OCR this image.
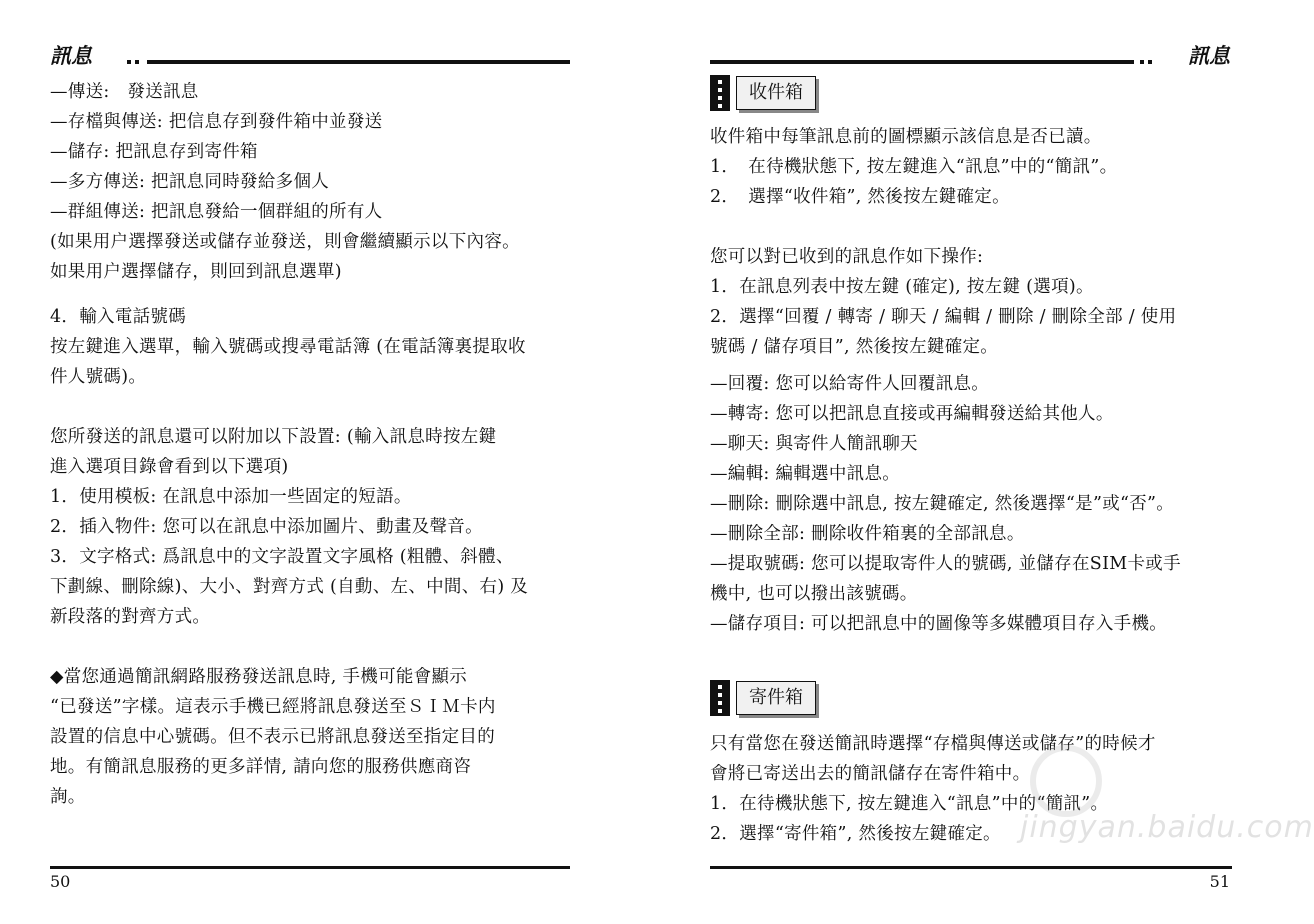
訊息
—傳送:　發送訊息
—存檔與傳送: 把信息存到發件箱中並發送
—儲存: 把訊息存到寄件箱
—多方傳送: 把訊息同時發給多個人
—群組傳送: 把訊息發給一個群組的所有人
(如果用户選擇發送或儲存並發送，則會繼續顯示以下內容。
如果用户選擇儲存，則回到訊息選單)
4．輸入電話號碼
按左鍵進入選單，輸入號碼或搜尋電話簿 (在電話簿裏提取收
件人號碼)。
您所發送的訊息還可以附加以下設置: (輸入訊息時按左鍵
進入選項目錄會看到以下選項)
1．使用模板: 在訊息中添加一些固定的短語。
2．插入物件: 您可以在訊息中添加圖片、動畫及聲音。
3．文字格式: 爲訊息中的文字設置文字風格 (粗體、斜體、
下劃線、刪除線)、大小、對齊方式 (自動、左、中間、右) 及
新段落的對齊方式。
◆當您通過簡訊網路服務發送訊息時, 手機可能會顯示
“已發送”字樣。這表示手機已經將訊息發送至ＳＩＭ卡内
設置的信息中心號碼。但不表示已將訊息發送至指定目的
地。有簡訊息服務的更多詳情, 請向您的服務供應商咨
詢。
50
訊息
收件箱
收件箱中每筆訊息前的圖標顯示該信息是否已讀。
1．　在待機狀態下, 按左鍵進入“訊息”中的“簡訊”。
2．　選擇“收件箱”, 然後按左鍵確定。
您可以對已收到的訊息作如下操作:
1．在訊息列表中按左鍵 (確定), 按左鍵 (選項)。
2．選擇“回覆 / 轉寄 / 聊天 / 編輯 / 刪除 / 刪除全部 / 使用
號碼 / 儲存項目”, 然後按左鍵確定。
—回覆: 您可以給寄件人回覆訊息。
—轉寄: 您可以把訊息直接或再編輯發送給其他人。
—聊天: 與寄件人簡訊聊天
—編輯: 編輯選中訊息。
—刪除: 刪除選中訊息, 按左鍵確定, 然後選擇“是”或“否”。
—刪除全部: 刪除收件箱裏的全部訊息。
—提取號碼: 您可以提取寄件人的號碼, 並儲存在SIM卡或手
機中, 也可以撥出該號碼。
—儲存項目: 可以把訊息中的圖像等多媒體項目存入手機。
寄件箱
只有當您在發送簡訊時選擇“存檔與傳送或儲存”的時候才
會將已寄送出去的簡訊儲存在寄件箱中。
1．在待機狀態下, 按左鍵進入“訊息”中的“簡訊”。
2．選擇“寄件箱”, 然後按左鍵確定。
51
jingyan.baidu.com
